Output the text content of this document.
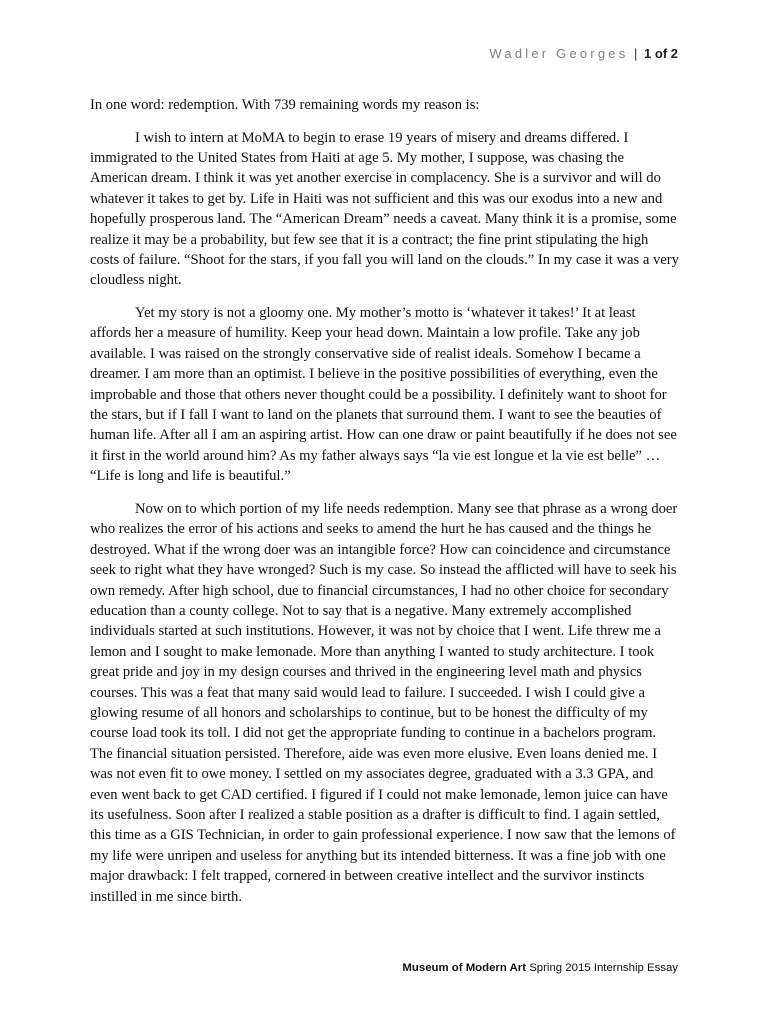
Wadler Georges | 1 of 2

In one word: redemption. With 739 remaining words my reason is:

I wish to intern at MoMA to begin to erase 19 years of misery and dreams differed. I immigrated to the United States from Haiti at age 5. My mother, I suppose, was chasing the American dream. I think it was yet another exercise in complacency. She is a survivor and will do whatever it takes to get by. Life in Haiti was not sufficient and this was our exodus into a new and hopefully prosperous land. The “American Dream” needs a caveat. Many think it is a promise, some realize it may be a probability, but few see that it is a contract; the fine print stipulating the high costs of failure. “Shoot for the stars, if you fall you will land on the clouds.” In my case it was a very cloudless night.

Yet my story is not a gloomy one. My mother’s motto is ‘whatever it takes!’ It at least affords her a measure of humility. Keep your head down. Maintain a low profile. Take any job available. I was raised on the strongly conservative side of realist ideals. Somehow I became a dreamer. I am more than an optimist. I believe in the positive possibilities of everything, even the improbable and those that others never thought could be a possibility. I definitely want to shoot for the stars, but if I fall I want to land on the planets that surround them. I want to see the beauties of human life. After all I am an aspiring artist. How can one draw or paint beautifully if he does not see it first in the world around him? As my father always says “la vie est longue et la vie est belle” … “Life is long and life is beautiful.”

Now on to which portion of my life needs redemption. Many see that phrase as a wrong doer who realizes the error of his actions and seeks to amend the hurt he has caused and the things he destroyed. What if the wrong doer was an intangible force? How can coincidence and circumstance seek to right what they have wronged? Such is my case. So instead the afflicted will have to seek his own remedy. After high school, due to financial circumstances, I had no other choice for secondary education than a county college. Not to say that is a negative. Many extremely accomplished individuals started at such institutions. However, it was not by choice that I went. Life threw me a lemon and I sought to make lemonade. More than anything I wanted to study architecture. I took great pride and joy in my design courses and thrived in the engineering level math and physics courses. This was a feat that many said would lead to failure. I succeeded. I wish I could give a glowing resume of all honors and scholarships to continue, but to be honest the difficulty of my course load took its toll. I did not get the appropriate funding to continue in a bachelors program. The financial situation persisted. Therefore, aide was even more elusive. Even loans denied me. I was not even fit to owe money. I settled on my associates degree, graduated with a 3.3 GPA, and even went back to get CAD certified. I figured if I could not make lemonade, lemon juice can have its usefulness. Soon after I realized a stable position as a drafter is difficult to find. I again settled, this time as a GIS Technician, in order to gain professional experience. I now saw that the lemons of my life were unripen and useless for anything but its intended bitterness. It was a fine job with one major drawback: I felt trapped, cornered in between creative intellect and the survivor instincts instilled in me since birth.

Museum of Modern Art Spring 2015 Internship Essay
